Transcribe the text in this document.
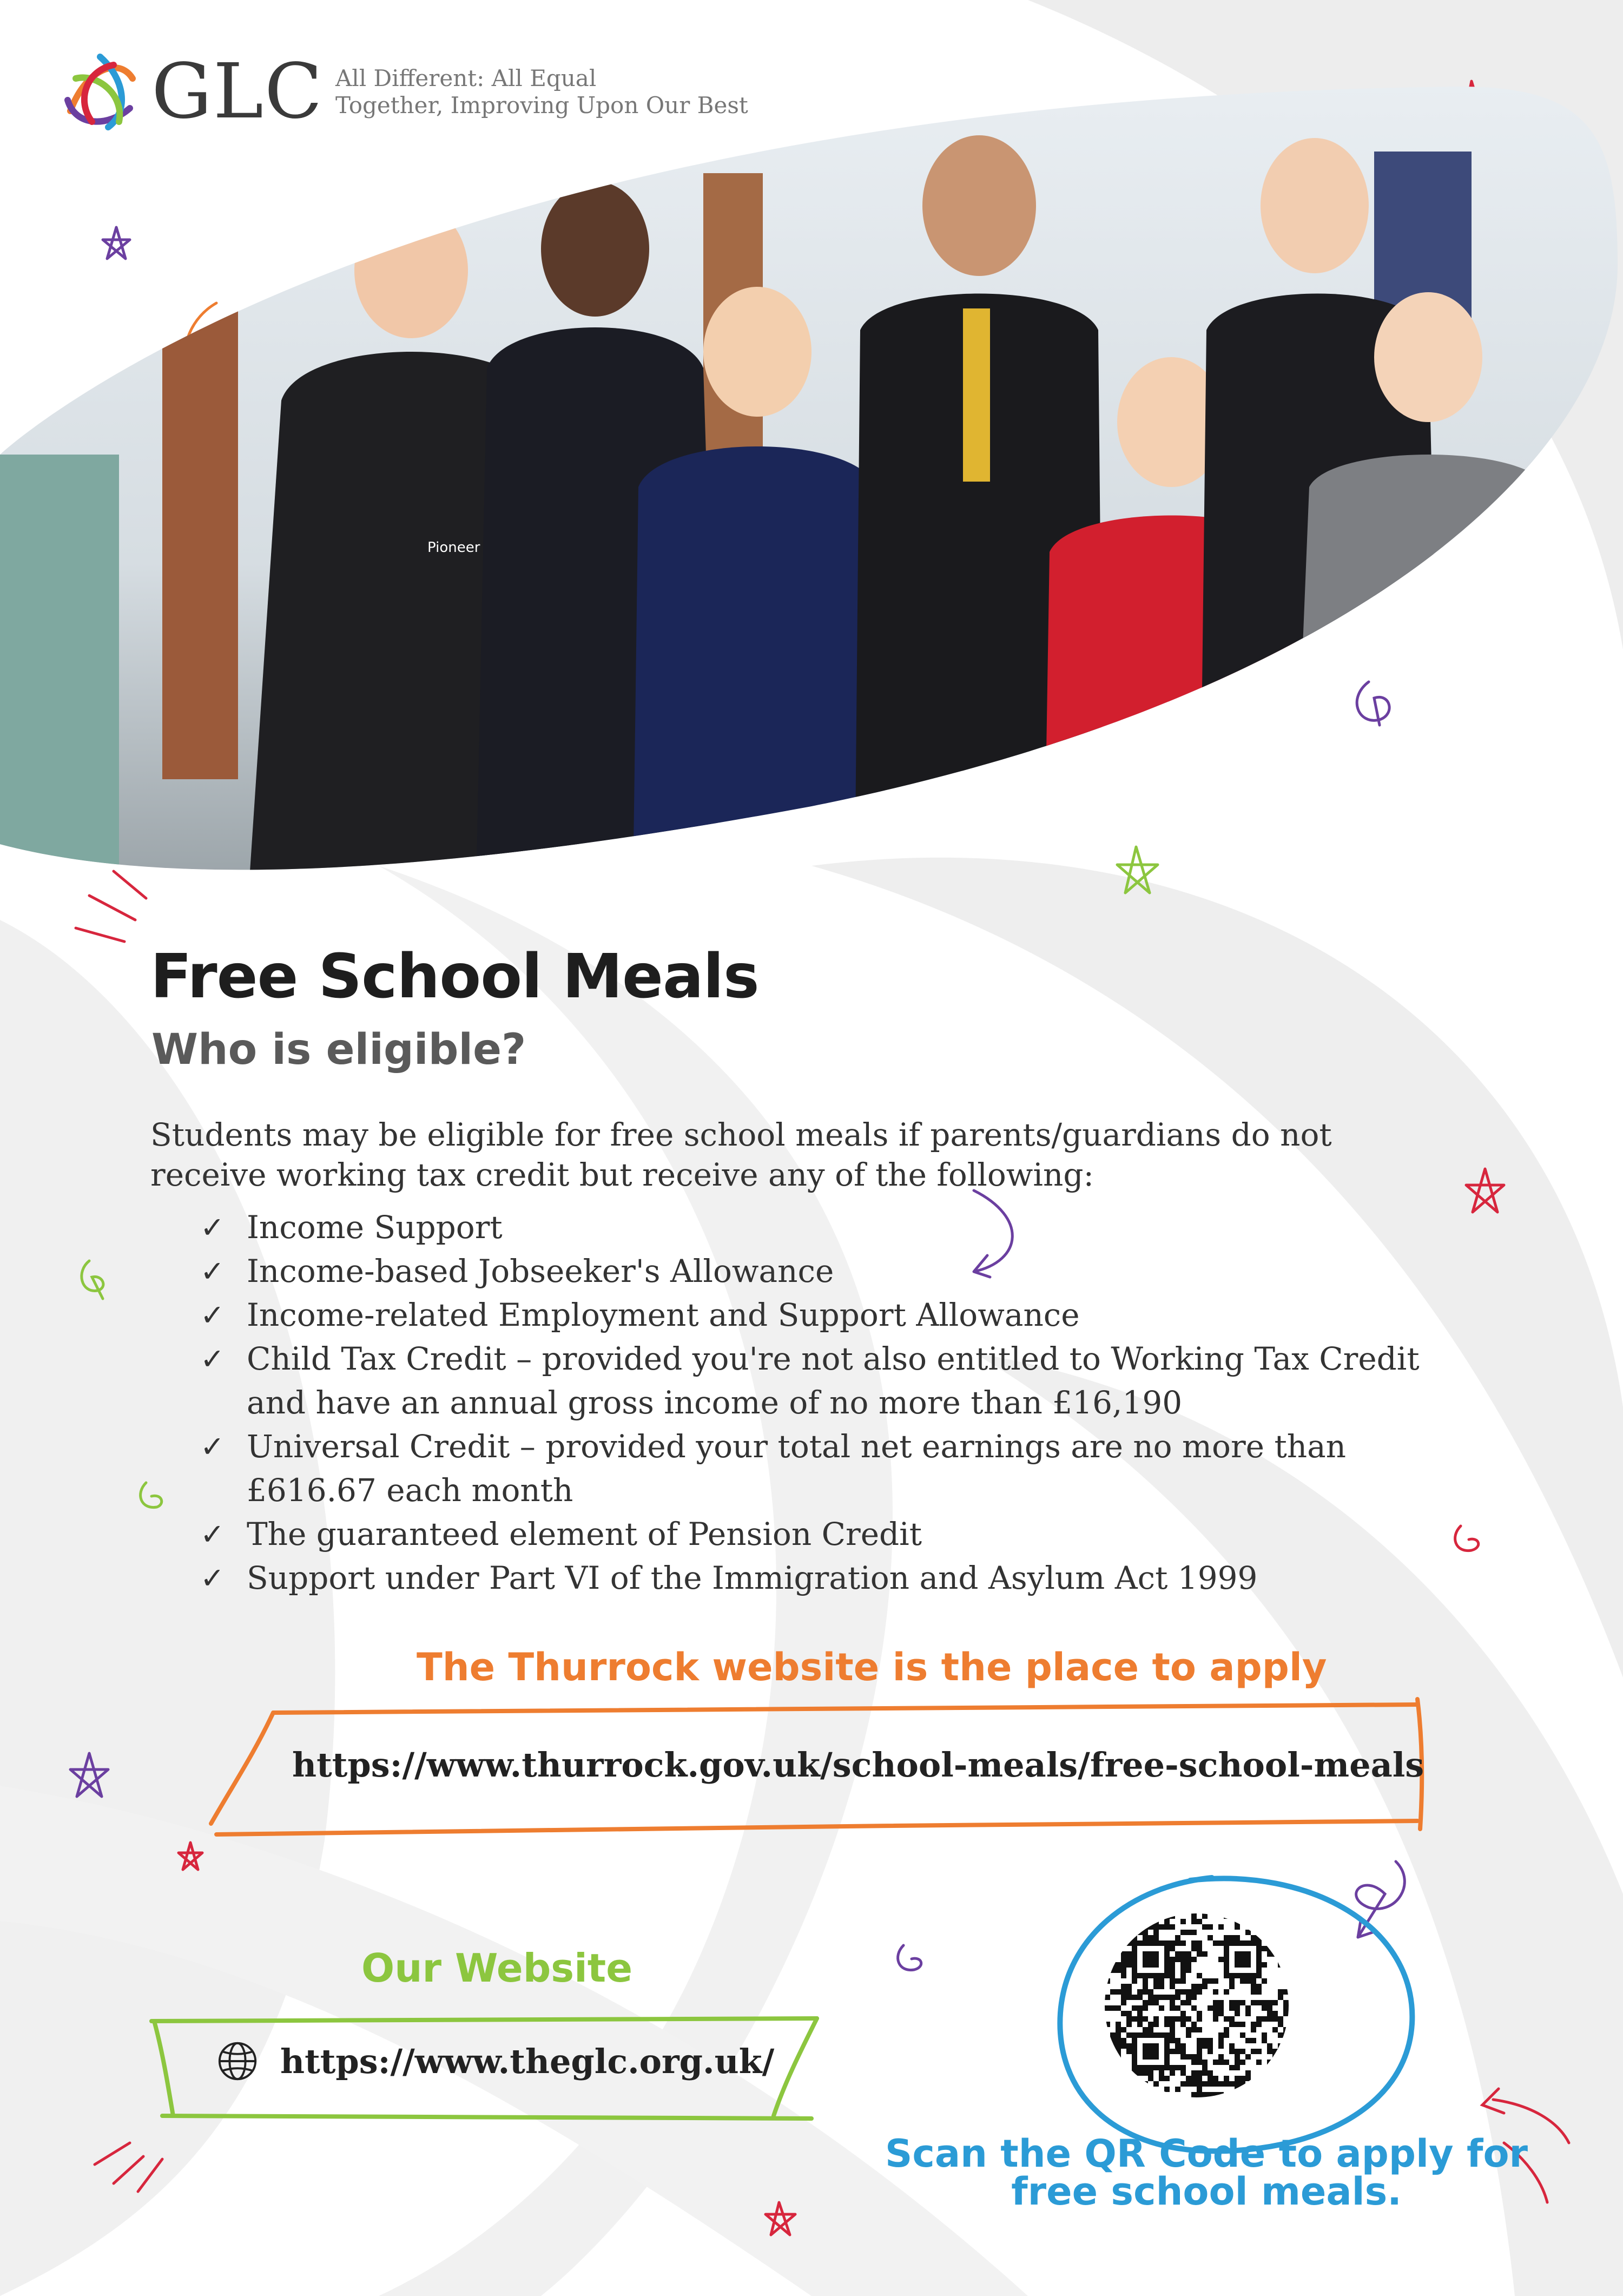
GLC All Different: All Equal
Together, Improving Upon Our Best
Pioneer
Free School Meals
Who is eligible?
Students may be eligible for free school meals if parents/guardians do not receive working tax credit but receive any of the following:
✓ Income Support
✓ Income-based Jobseeker's Allowance
✓ Income-related Employment and Support Allowance
✓ Child Tax Credit – provided you're not also entitled to Working Tax Credit and have an annual gross income of no more than £16,190
✓ Universal Credit – provided your total net earnings are no more than £616.67 each month
✓ The guaranteed element of Pension Credit
✓ Support under Part VI of the Immigration and Asylum Act 1999
The Thurrock website is the place to apply
https://www.thurrock.gov.uk/school-meals/free-school-meals
Our Website
https://www.theglc.org.uk/
Scan the QR Code to apply for free school meals.
